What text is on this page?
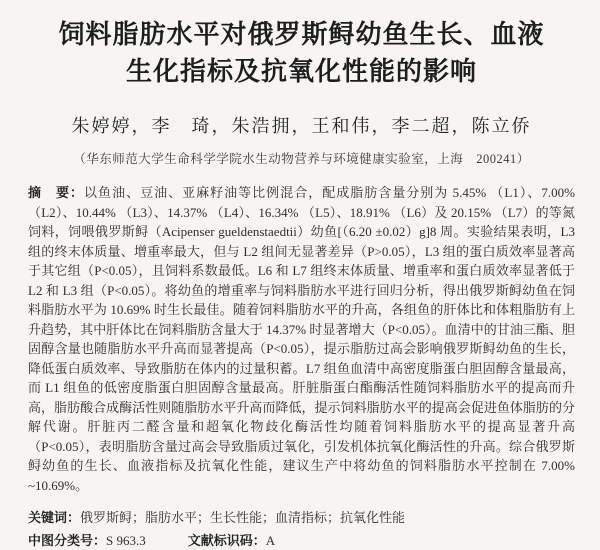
饲料脂肪水平对俄罗斯鲟幼鱼生长、血液
生化指标及抗氧化性能的影响
朱婷婷，李　琦，朱浩拥，王和伟，李二超，陈立侨
（华东师范大学生命科学学院水生动物营养与环境健康实验室，上海　200241）

摘　要：以鱼油、豆油、亚麻籽油等比例混合，配成脂肪含量分别为 5.45% （L1）、7.00% （L2）、10.44% （L3）、14.37% （L4）、16.34% （L5）、18.91% （L6）及 20.15% （L7）的等氮饲料，饲喂俄罗斯鲟（Acipenser gueldenstaedtii）幼鱼[（6.20 ±0.02）g]8 周。实验结果表明，L3 组的终末体质量、增重率最大，但与 L2 组间无显著差异（P>0.05），L3 组的蛋白质效率显著高于其它组（P<0.05），且饲料系数最低。L6 和 L7 组终末体质量、增重率和蛋白质效率显著低于 L2 和 L3 组（P<0.05）。将幼鱼的增重率与饲料脂肪水平进行回归分析，得出俄罗斯鲟幼鱼在饲料脂肪水平为 10.69% 时生长最佳。随着饲料脂肪水平的升高，各组鱼的肝体比和体粗脂肪有上升趋势，其中肝体比在饲料脂肪含量大于 14.37% 时显著增大（P<0.05）。血清中的甘油三酯、胆固醇含量也随脂肪水平升高而显著提高（P<0.05），提示脂肪过高会影响俄罗斯鲟幼鱼的生长，降低蛋白质效率、导致脂肪在体内的过量积蓄。L7 组鱼血清中高密度脂蛋白胆固醇含量最高，而 L1 组鱼的低密度脂蛋白胆固醇含量最高。肝脏脂蛋白酯酶活性随饲料脂肪水平的提高而升高，脂肪酸合成酶活性则随脂肪水平升高而降低，提示饲料脂肪水平的提高会促进鱼体脂肪的分解代谢。肝脏丙二醛含量和超氧化物歧化酶活性均随着饲料脂肪水平的提高显著升高（P<0.05），表明脂肪含量过高会导致脂质过氧化，引发机体抗氧化酶活性的升高。综合俄罗斯鲟幼鱼的生长、血液指标及抗氧化性能，建议生产中将幼鱼的饲料脂肪水平控制在 7.00% ~10.69%。

关键词：俄罗斯鲟；脂肪水平；生长性能；血清指标；抗氧化性能
中图分类号：S 963.3	文献标识码：A
